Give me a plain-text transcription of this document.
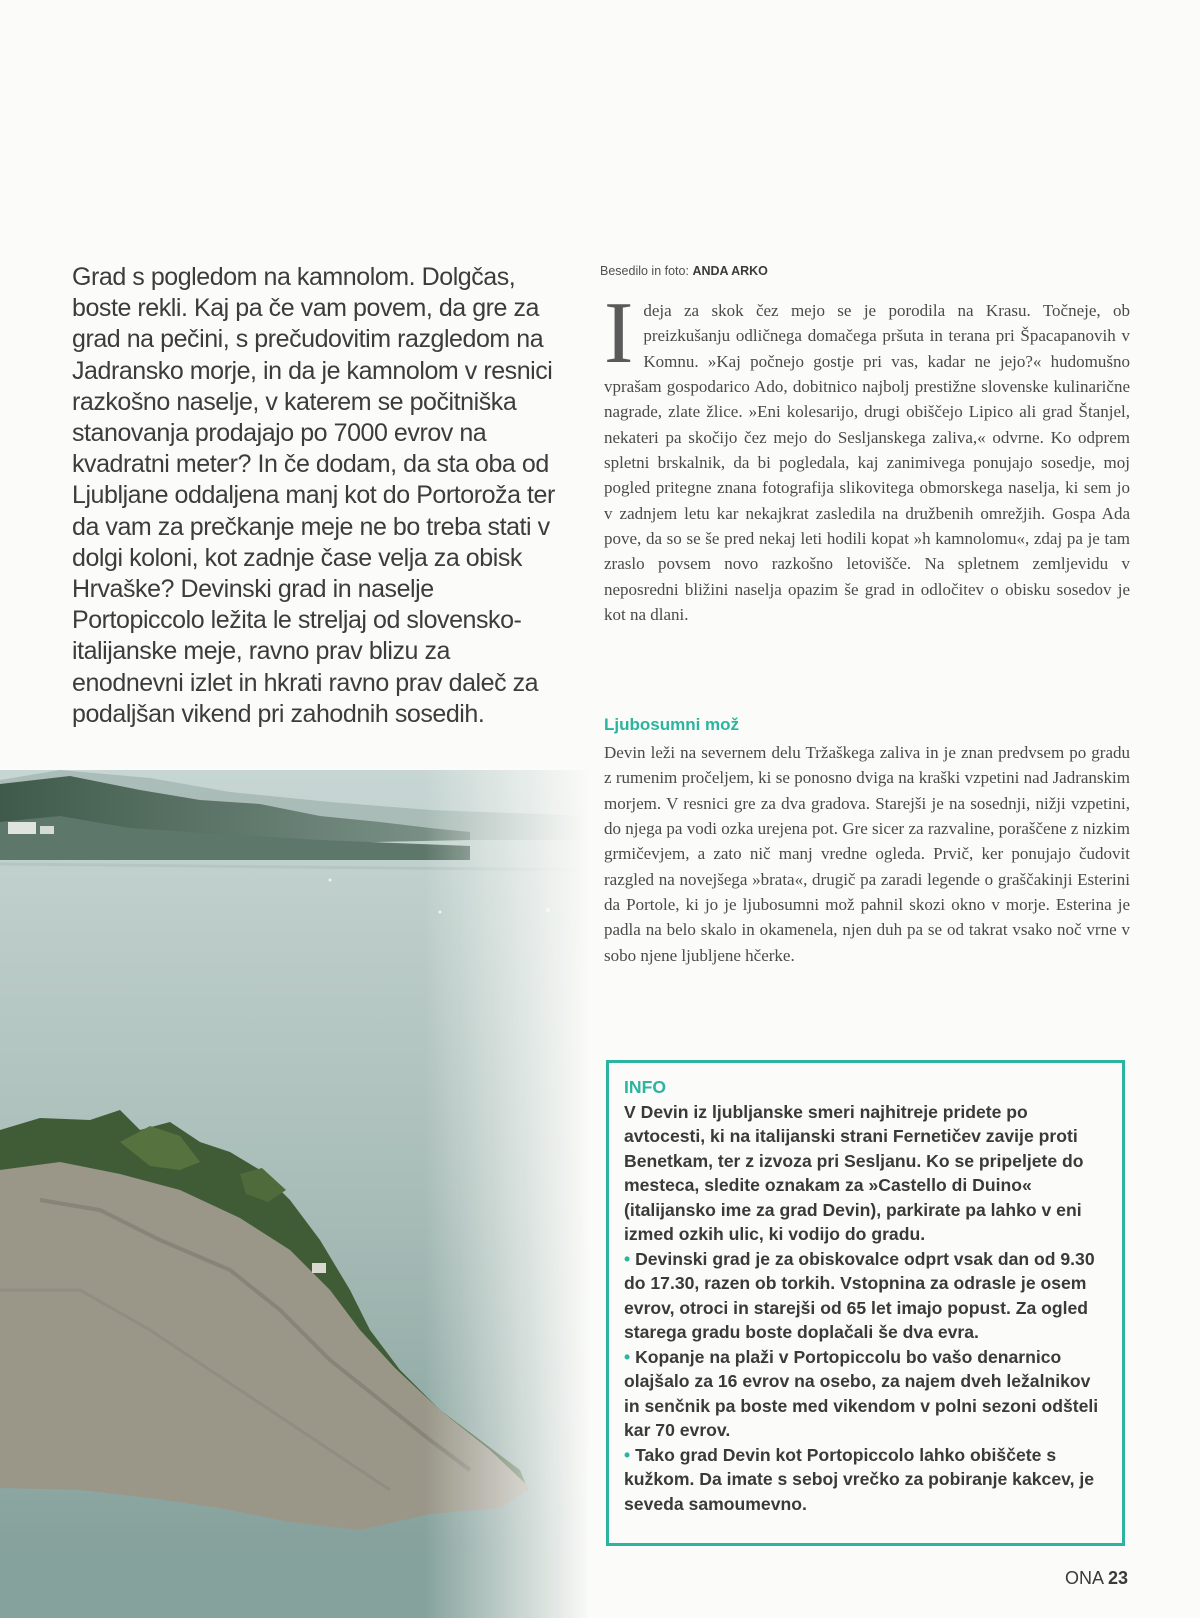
Grad s pogledom na kamnolom. Dolgčas, boste rekli. Kaj pa če vam povem, da gre za grad na pečini, s prečudovitim razgledom na Jadransko morje, in da je kamnolom v resnici razkošno naselje, v katerem se počitniška stanovanja prodajajo po 7000 evrov na kvadratni meter? In če dodam, da sta oba od Ljubljane oddaljena manj kot do Portoroža ter da vam za prečkanje meje ne bo treba stati v dolgi koloni, kot zadnje čase velja za obisk Hrvaške? Devinski grad in naselje Portopiccolo ležita le streljaj od slovensko-italijanske meje, ravno prav blizu za enodnevni izlet in hkrati ravno prav daleč za podaljšan vikend pri zahodnih sosedih.

Besedilo in foto: ANDA ARKO

Ideja za skok čez mejo se je porodila na Krasu. Točneje, ob preizkušanju odličnega domačega pršuta in terana pri Špacapanovih v Komnu. »Kaj počnejo gostje pri vas, kadar ne jejo?« hudomušno vprašam gospodarico Ado, dobitnico najbolj prestižne slovenske kulinarične nagrade, zlate žlice. »Eni kolesarijo, drugi obiščejo Lipico ali grad Štanjel, nekateri pa skočijo čez mejo do Sesljanskega zaliva,« odvrne. Ko odprem spletni brskalnik, da bi pogledala, kaj zanimivega ponujajo sosedje, moj pogled pritegne znana fotografija slikovitega obmorskega naselja, ki sem jo v zadnjem letu kar nekajkrat zasledila na družbenih omrežjih. Gospa Ada pove, da so se še pred nekaj leti hodili kopat »h kamnolomu«, zdaj pa je tam zraslo povsem novo razkošno letovišče. Na spletnem zemljevidu v neposredni bližini naselja opazim še grad in odločitev o obisku sosedov je kot na dlani.

Ljubosumni mož

Devin leži na severnem delu Tržaškega zaliva in je znan predvsem po gradu z rumenim pročeljem, ki se ponosno dviga na kraški vzpetini nad Jadranskim morjem. V resnici gre za dva gradova. Starejši je na sosednji, nižji vzpetini, do njega pa vodi ozka urejena pot. Gre sicer za razvaline, poraščene z nizkim grmičevjem, a zato nič manj vredne ogleda. Prvič, ker ponujajo čudovit razgled na novejšega »brata«, drugič pa zaradi legende o graščakinji Esterini da Portole, ki jo je ljubosumni mož pahnil skozi okno v morje. Esterina je padla na belo skalo in okamenela, njen duh pa se od takrat vsako noč vrne v sobo njene ljubljene hčerke.

INFO

V Devin iz ljubljanske smeri najhitreje pridete po avtocesti, ki na italijanski strani Fernetičev zavije proti Benetkam, ter z izvoza pri Sesljanu. Ko se pripeljete do mesteca, sledite oznakam za »Castello di Duino« (italijansko ime za grad Devin), parkirate pa lahko v eni izmed ozkih ulic, ki vodijo do gradu.

• Devinski grad je za obiskovalce odprt vsak dan od 9.30 do 17.30, razen ob torkih. Vstopnina za odrasle je osem evrov, otroci in starejši od 65 let imajo popust. Za ogled starega gradu boste doplačali še dva evra.

• Kopanje na plaži v Portopiccolu bo vašo denarnico olajšalo za 16 evrov na osebo, za najem dveh ležalnikov in senčnik pa boste med vikendom v polni sezoni odšteli kar 70 evrov.

• Tako grad Devin kot Portopiccolo lahko obiščete s kužkom. Da imate s seboj vrečko za pobiranje kakcev, je seveda samoumevno.

ONA 23
